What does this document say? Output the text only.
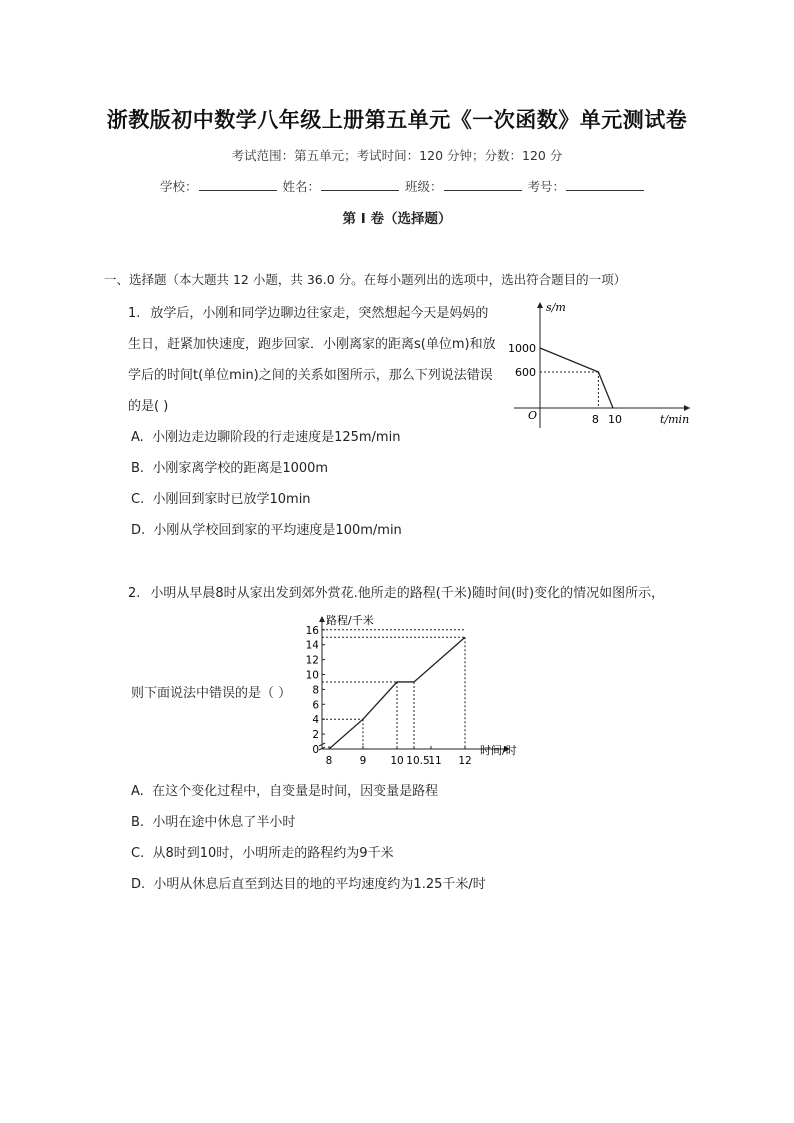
浙教版初中数学八年级上册第五单元《一次函数》单元测试卷
考试范围：第五单元；考试时间：120 分钟；分数：120 分
学校：	姓名：	班级：	考号：
第 I 卷（选择题）
一、选择题（本大题共 12 小题，共 36.0 分。在每小题列出的选项中，选出符合题目的一项）
1. 放学后，小刚和同学边聊边往家走，突然想起今天是妈妈的生日，赶紧加快速度，跑步回家．小刚离家的距离s(单位m)和放学后的时间t(单位min)之间的关系如图所示，那么下列说法错误的是( )
A. 小刚边走边聊阶段的行走速度是125m/min
B. 小刚家离学校的距离是1000m
C. 小刚回到家时已放学10min
D. 小刚从学校回到家的平均速度是100m/min
s/m
t/min
O
1000
600
8 10
2. 小明从早晨8时从家出发到郊外赏花.他所走的路程(千米)随时间(时)变化的情况如图所示，
则下面说法中错误的是（ ）
路程/千米
时间/时
0
2
4
6
8
10
12
14
16
8	9 10 10.5
11 12
A. 在这个变化过程中，自变量是时间，因变量是路程
B. 小明在途中休息了半小时
C. 从8时到10时，小明所走的路程约为9千米
D. 小明从休息后直至到达目的地的平均速度约为1.25千米/时
